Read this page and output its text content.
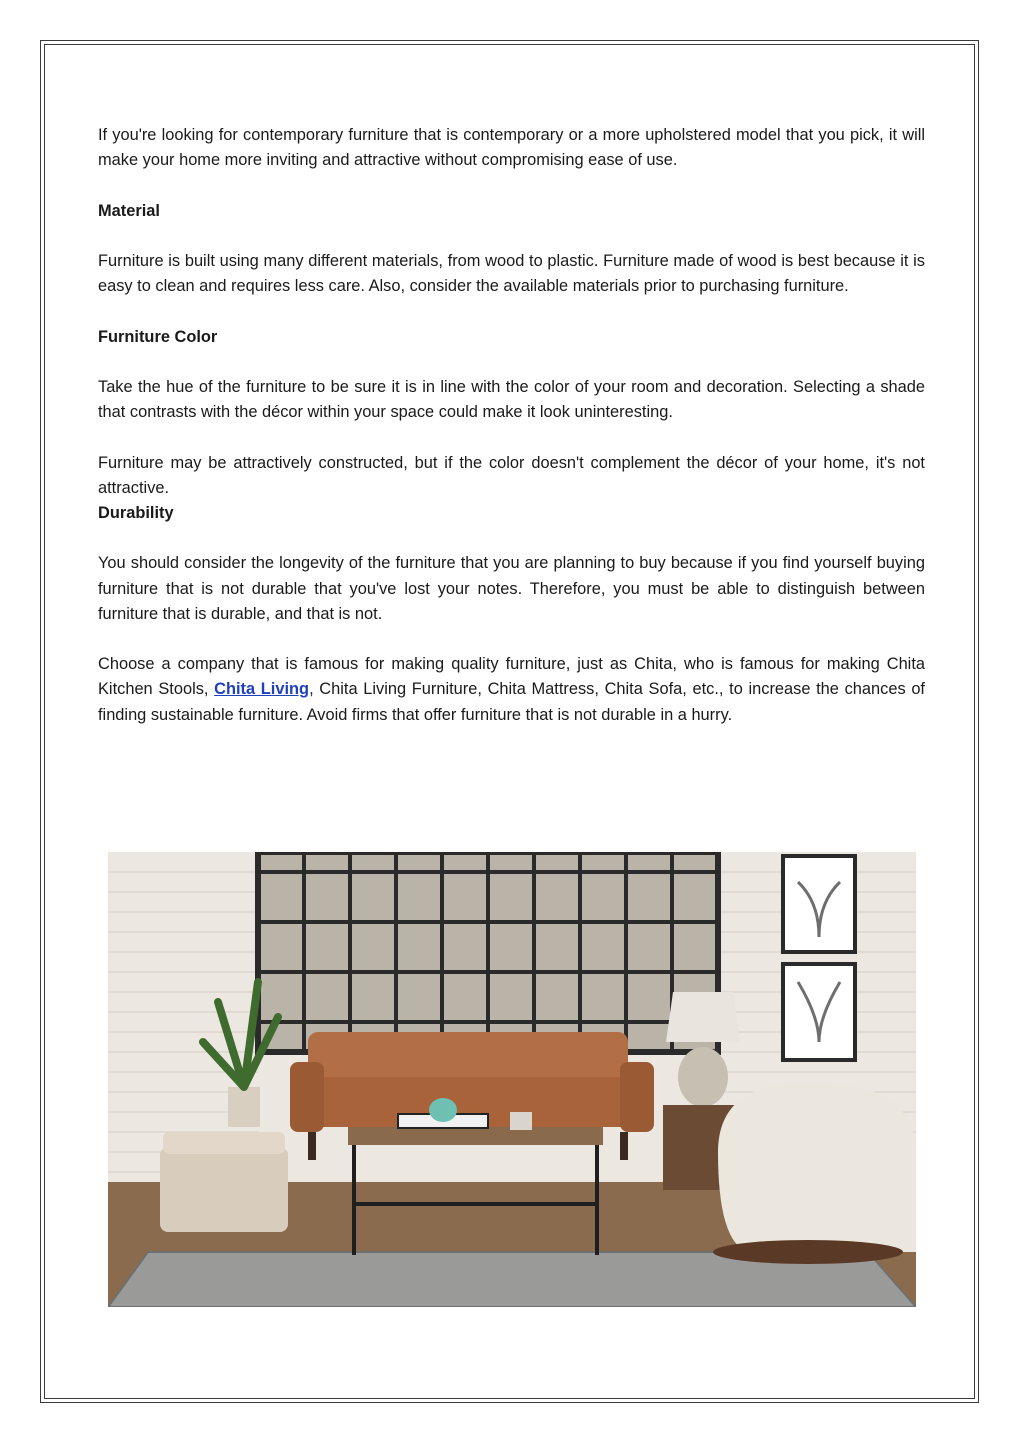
If you're looking for contemporary furniture that is contemporary or a more upholstered model that you pick, it will make your home more inviting and attractive without compromising ease of use.

Material

Furniture is built using many different materials, from wood to plastic. Furniture made of wood is best because it is easy to clean and requires less care. Also, consider the available materials prior to purchasing furniture.

Furniture Color

Take the hue of the furniture to be sure it is in line with the color of your room and decoration. Selecting a shade that contrasts with the décor within your space could make it look uninteresting.

Furniture may be attractively constructed, but if the color doesn't complement the décor of your home, it's not attractive.

Durability

You should consider the longevity of the furniture that you are planning to buy because if you find yourself buying furniture that is not durable that you've lost your notes. Therefore, you must be able to distinguish between furniture that is durable, and that is not.

Choose a company that is famous for making quality furniture, just as Chita, who is famous for making Chita Kitchen Stools, Chita Living, Chita Living Furniture, Chita Mattress, Chita Sofa, etc., to increase the chances of finding sustainable furniture. Avoid firms that offer furniture that is not durable in a hurry.
